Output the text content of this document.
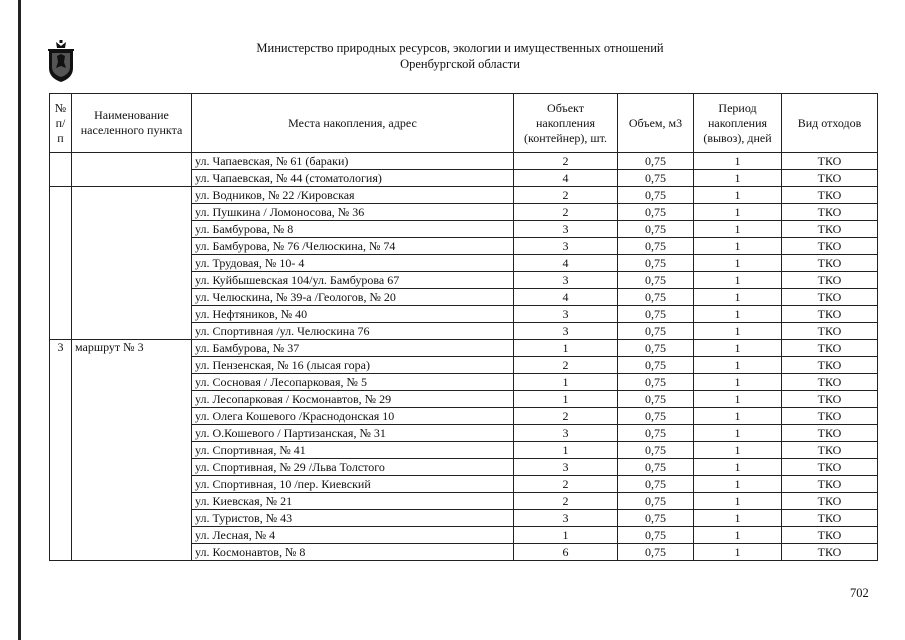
Министерство природных ресурсов, экологии и имущественных отношений
Оренбургской области
№ п/п	Наименование населенного пункта	Места накопления, адрес	Объект накопления (контейнер), шт.	Объем, м3	Период накопления (вывоз), дней	Вид отходов
		ул. Чапаевская, № 61 (бараки)	2	0,75	1	ТКО
		ул. Чапаевская, № 44 (стоматология)	4	0,75	1	ТКО
		ул. Водников, № 22 /Кировская	2	0,75	1	ТКО
		ул. Пушкина / Ломоносова, № 36	2	0,75	1	ТКО
		ул. Бамбурова, № 8	3	0,75	1	ТКО
		ул. Бамбурова, № 76 /Челюскина, № 74	3	0,75	1	ТКО
		ул. Трудовая, № 10- 4	4	0,75	1	ТКО
		ул. Куйбышевская 104/ул. Бамбурова 67	3	0,75	1	ТКО
		ул. Челюскина, № 39-а /Геологов, № 20	4	0,75	1	ТКО
		ул. Нефтяников, № 40	3	0,75	1	ТКО
		ул. Спортивная /ул. Челюскина 76	3	0,75	1	ТКО
3	маршрут № 3	ул. Бамбурова, № 37	1	0,75	1	ТКО
		ул. Пензенская, № 16 (лысая гора)	2	0,75	1	ТКО
		ул. Сосновая / Лесопарковая, № 5	1	0,75	1	ТКО
		ул. Лесопарковая / Космонавтов, № 29	1	0,75	1	ТКО
		ул. Олега Кошевого /Краснодонская 10	2	0,75	1	ТКО
		ул. О.Кошевого / Партизанская, № 31	3	0,75	1	ТКО
		ул. Спортивная, № 41	1	0,75	1	ТКО
		ул. Спортивная, № 29 /Льва Толстого	3	0,75	1	ТКО
		ул. Спортивная, 10 /пер. Киевский	2	0,75	1	ТКО
		ул. Киевская, № 21	2	0,75	1	ТКО
		ул. Туристов, № 43	3	0,75	1	ТКО
		ул. Лесная, № 4	1	0,75	1	ТКО
		ул. Космонавтов, № 8	6	0,75	1	ТКО
702
